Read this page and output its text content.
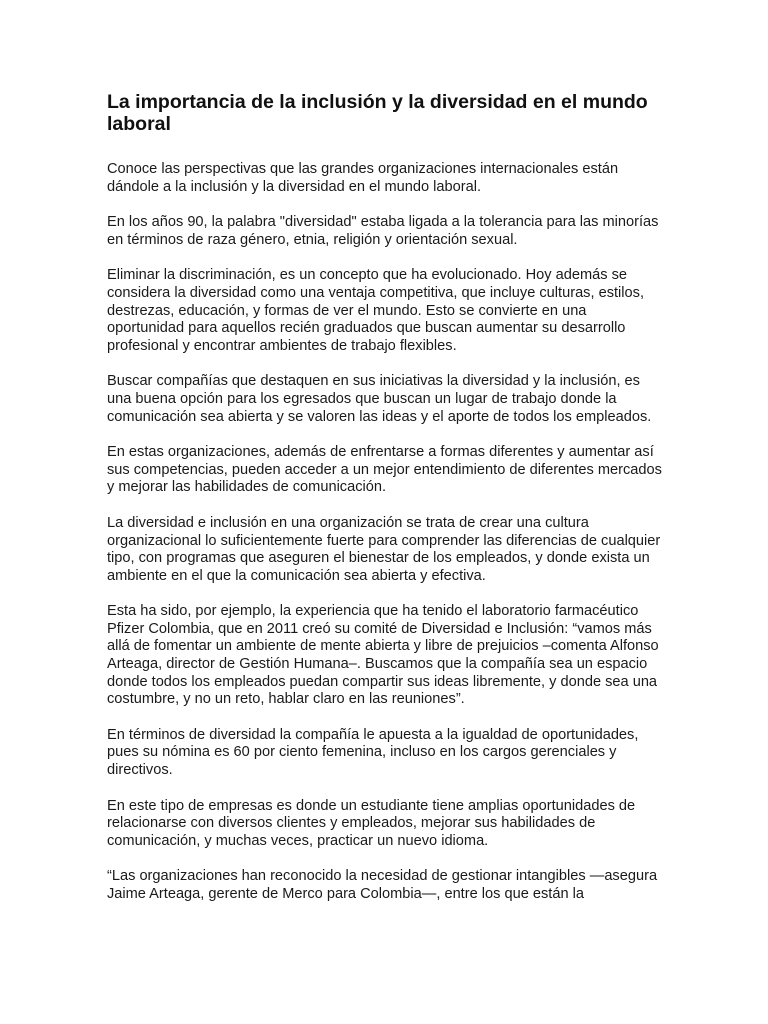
La importancia de la inclusión y la diversidad en el mundo laboral

Conoce las perspectivas que las grandes organizaciones internacionales están dándole a la inclusión y la diversidad en el mundo laboral.

En los años 90, la palabra "diversidad" estaba ligada a la tolerancia para las minorías en términos de raza género, etnia, religión y orientación sexual.

Eliminar la discriminación, es un concepto que ha evolucionado. Hoy además se considera la diversidad como una ventaja competitiva, que incluye culturas, estilos, destrezas, educación, y formas de ver el mundo. Esto se convierte en una oportunidad para aquellos recién graduados que buscan aumentar su desarrollo profesional y encontrar ambientes de trabajo flexibles.

Buscar compañías que destaquen en sus iniciativas la diversidad y la inclusión, es una buena opción para los egresados que buscan un lugar de trabajo donde la comunicación sea abierta y se valoren las ideas y el aporte de todos los empleados.

En estas organizaciones, además de enfrentarse a formas diferentes y aumentar así sus competencias, pueden acceder a un mejor entendimiento de diferentes mercados y mejorar las habilidades de comunicación.

La diversidad e inclusión en una organización se trata de crear una cultura organizacional lo suficientemente fuerte para comprender las diferencias de cualquier tipo, con programas que aseguren el bienestar de los empleados, y donde exista un ambiente en el que la comunicación sea abierta y efectiva.

Esta ha sido, por ejemplo, la experiencia que ha tenido el laboratorio farmacéutico Pfizer Colombia, que en 2011 creó su comité de Diversidad e Inclusión: “vamos más allá de fomentar un ambiente de mente abierta y libre de prejuicios –comenta Alfonso Arteaga, director de Gestión Humana–. Buscamos que la compañía sea un espacio donde todos los empleados puedan compartir sus ideas libremente, y donde sea una costumbre, y no un reto, hablar claro en las reuniones”.

En términos de diversidad la compañía le apuesta a la igualdad de oportunidades, pues su nómina es 60 por ciento femenina, incluso en los cargos gerenciales y directivos.

En este tipo de empresas es donde un estudiante tiene amplias oportunidades de relacionarse con diversos clientes y empleados, mejorar sus habilidades de comunicación, y muchas veces, practicar un nuevo idioma.

“Las organizaciones han reconocido la necesidad de gestionar intangibles —asegura Jaime Arteaga, gerente de Merco para Colombia—, entre los que están la
